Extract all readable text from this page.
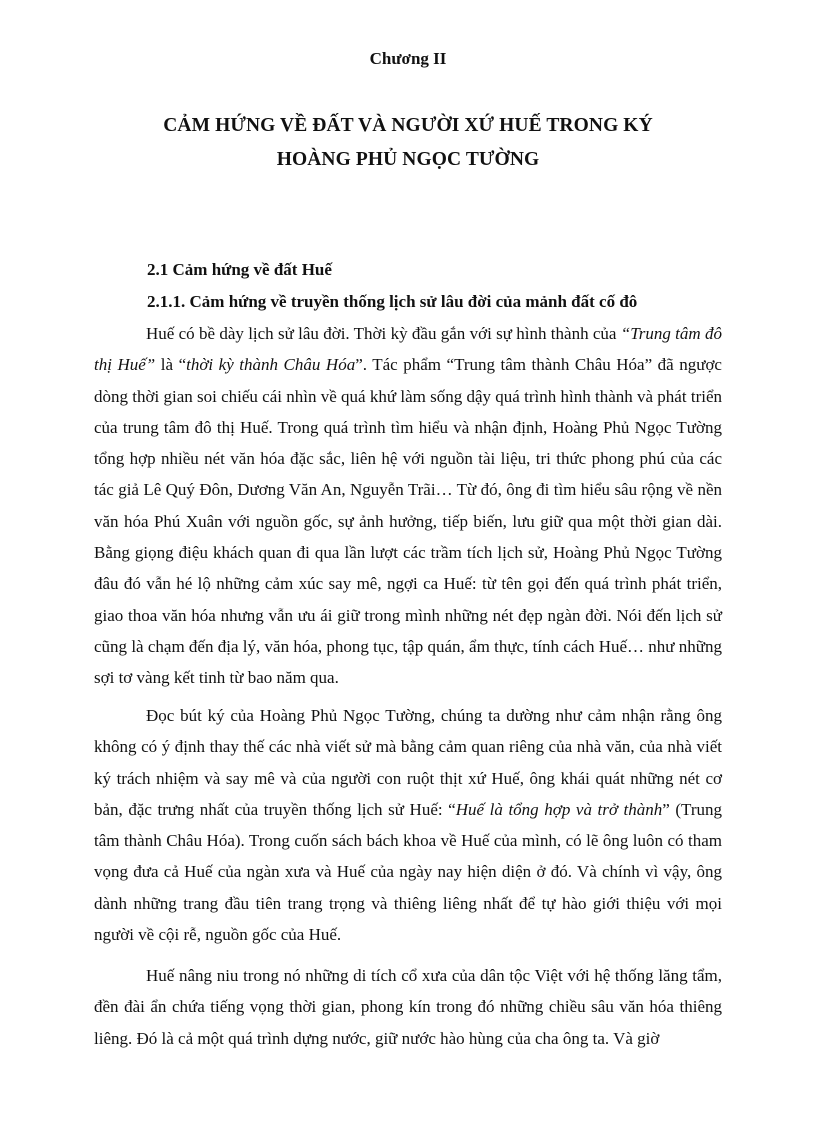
Chương II
CẢM HỨNG VỀ ĐẤT VÀ NGƯỜI XỨ HUẾ TRONG KÝ
HOÀNG PHỦ NGỌC TƯỜNG
2.1 Cảm hứng về đất Huế
2.1.1. Cảm hứng về truyền thống lịch sử lâu đời của mảnh đất cố đô

Huế có bề dày lịch sử lâu đời. Thời kỳ đầu gắn với sự hình thành của “Trung tâm đô thị Huế” là “thời kỳ thành Châu Hóa”. Tác phẩm “Trung tâm thành Châu Hóa” đã ngược dòng thời gian soi chiếu cái nhìn về quá khứ làm sống dậy quá trình hình thành và phát triển của trung tâm đô thị Huế. Trong quá trình tìm hiểu và nhận định, Hoàng Phủ Ngọc Tường tổng hợp nhiều nét văn hóa đặc sắc, liên hệ với nguồn tài liệu, tri thức phong phú của các tác giả Lê Quý Đôn, Dương Văn An, Nguyễn Trãi… Từ đó, ông đi tìm hiểu sâu rộng về nền văn hóa Phú Xuân với nguồn gốc, sự ảnh hưởng, tiếp biến, lưu giữ qua một thời gian dài. Bằng giọng điệu khách quan đi qua lần lượt các trầm tích lịch sử, Hoàng Phủ Ngọc Tường đâu đó vẫn hé lộ những cảm xúc say mê, ngợi ca Huế: từ tên gọi đến quá trình phát triển, giao thoa văn hóa nhưng vẫn ưu ái giữ trong mình những nét đẹp ngàn đời. Nói đến lịch sử cũng là chạm đến địa lý, văn hóa, phong tục, tập quán, ẩm thực, tính cách Huế… như những sợi tơ vàng kết tinh từ bao năm qua.

Đọc bút ký của Hoàng Phủ Ngọc Tường, chúng ta dường như cảm nhận rằng ông không có ý định thay thế các nhà viết sử mà bằng cảm quan riêng của nhà văn, của nhà viết ký trách nhiệm và say mê và của người con ruột thịt xứ Huế, ông khái quát những nét cơ bản, đặc trưng nhất của truyền thống lịch sử Huế: “Huế là tổng hợp và trở thành” (Trung tâm thành Châu Hóa). Trong cuốn sách bách khoa về Huế của mình, có lẽ ông luôn có tham vọng đưa cả Huế của ngàn xưa và Huế của ngày nay hiện diện ở đó. Và chính vì vậy, ông dành những trang đầu tiên trang trọng và thiêng liêng nhất để tự hào giới thiệu với mọi người về cội rễ, nguồn gốc của Huế.

Huế nâng niu trong nó những di tích cổ xưa của dân tộc Việt với hệ thống lăng tẩm, đền đài ẩn chứa tiếng vọng thời gian, phong kín trong đó những chiều sâu văn hóa thiêng liêng. Đó là cả một quá trình dựng nước, giữ nước hào hùng của cha ông ta. Và giờ
